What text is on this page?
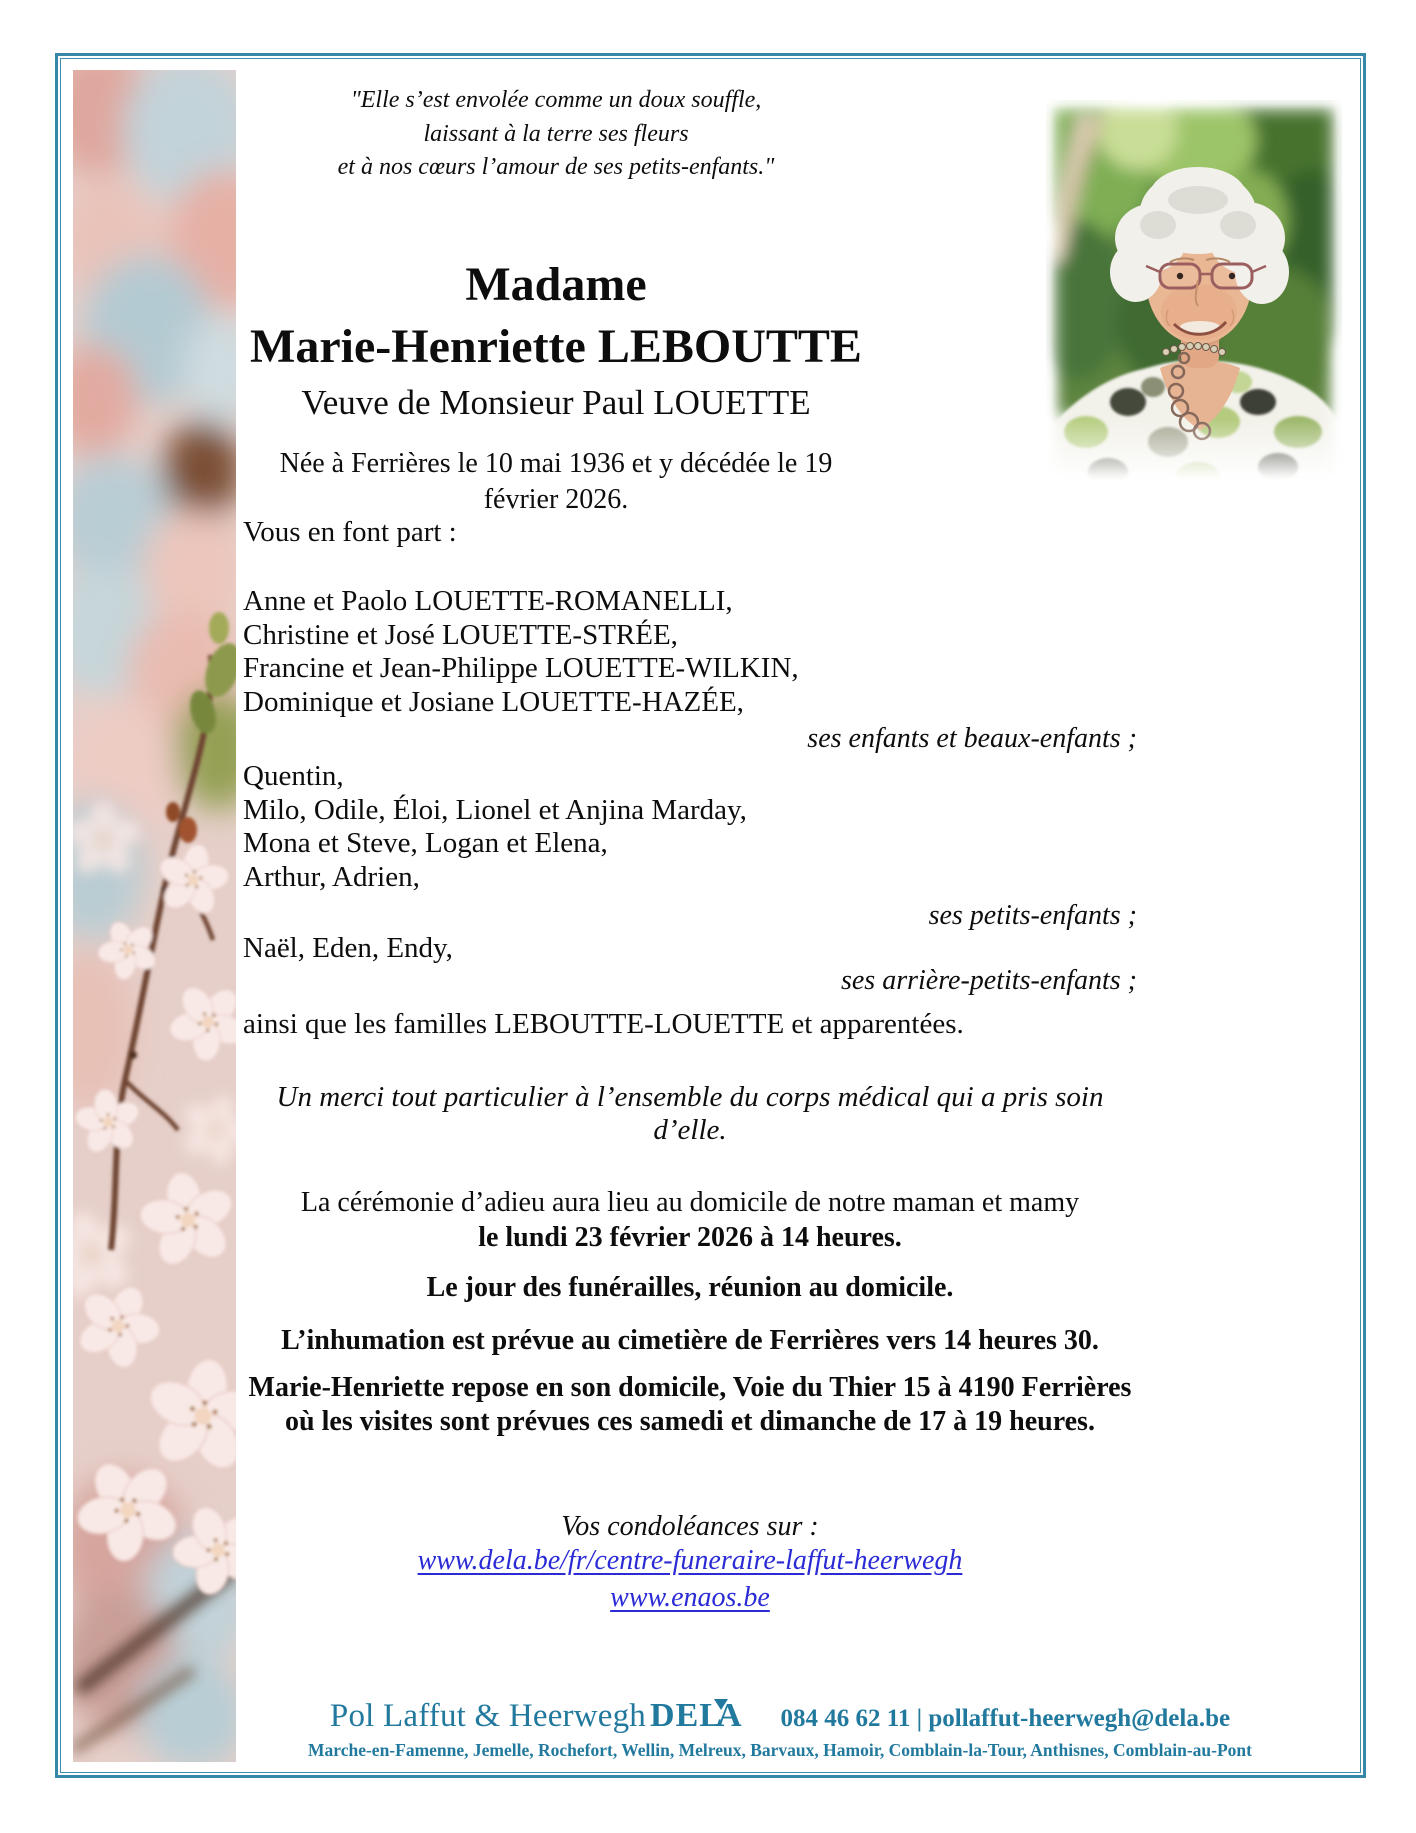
"Elle s’est envolée comme un doux souffle,
laissant à la terre ses fleurs
et à nos cœurs l’amour de ses petits-enfants."
Madame
Marie-Henriette LEBOUTTE
Veuve de Monsieur Paul LOUETTE
Née à Ferrières le 10 mai 1936 et y décédée le 19 février 2026.
Vous en font part :
Anne et Paolo LOUETTE-ROMANELLI,
Christine et José LOUETTE-STRÉE,
Francine et Jean-Philippe LOUETTE-WILKIN,
Dominique et Josiane LOUETTE-HAZÉE,
ses enfants et beaux-enfants ;
Quentin,
Milo, Odile, Éloi, Lionel et Anjina Marday,
Mona et Steve, Logan et Elena,
Arthur, Adrien,
ses petits-enfants ;
Naël, Eden, Endy,
ses arrière-petits-enfants ;
ainsi que les familles LEBOUTTE-LOUETTE et apparentées.
Un merci tout particulier à l’ensemble du corps médical qui a pris soin d’elle.
La cérémonie d’adieu aura lieu au domicile de notre maman et mamy
le lundi 23 février 2026 à 14 heures.
Le jour des funérailles, réunion au domicile.
L’inhumation est prévue au cimetière de Ferrières vers 14 heures 30.
Marie-Henriette repose en son domicile, Voie du Thier 15 à 4190 Ferrières
où les visites sont prévues ces samedi et dimanche de 17 à 19 heures.
Vos condoléances sur :
www.dela.be/fr/centre-funeraire-laffut-heerwegh
www.enaos.be
Pol Laffut & Heerwegh DELA 084 46 62 11 | pollaffut-heerwegh@dela.be
Marche-en-Famenne, Jemelle, Rochefort, Wellin, Melreux, Barvaux, Hamoir, Comblain-la-Tour, Anthisnes, Comblain-au-Pont
